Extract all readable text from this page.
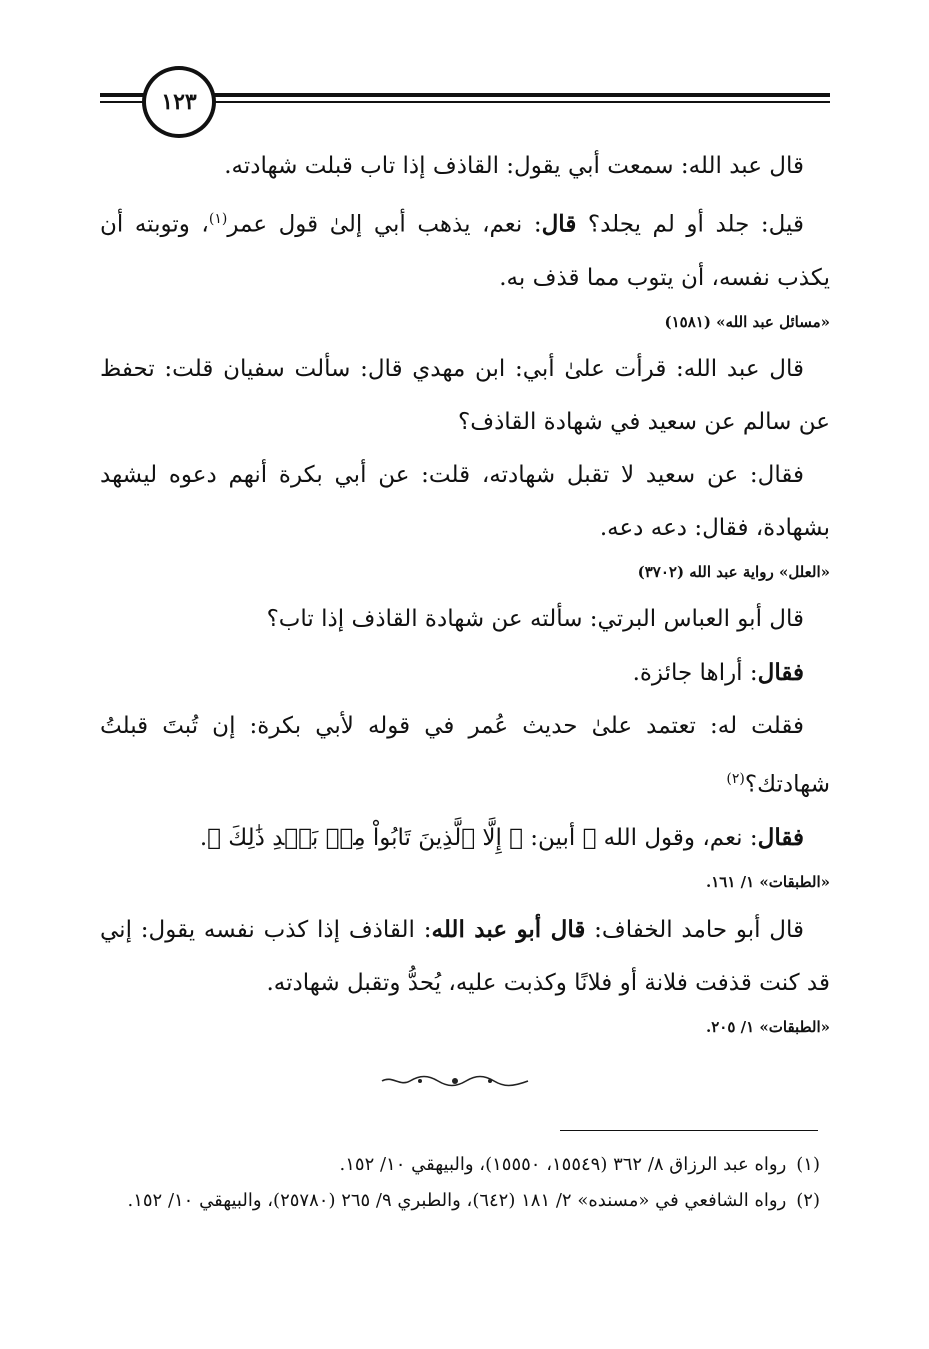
١٢٣

قال عبد الله: سمعت أبي يقول: القاذف إذا تاب قبلت شهادته.

قيل: جلد أو لم يجلد؟ قال: نعم، يذهب أبي إلىٰ قول عمر$^{(١)}$، وتوبته أن يكذب نفسه، أن يتوب مما قذف به.

«مسائل عبد الله» (١٥٨١)

قال عبد الله: قرأت علىٰ أبي: ابن مهدي قال: سألت سفيان قلت: تحفظ عن سالم عن سعيد في شهادة القاذف؟

فقال: عن سعيد لا تقبل شهادته، قلت: عن أبي بكرة أنهم دعوه ليشهد بشهادة، فقال: دعه دعه.

«العلل» رواية عبد الله (٣٧٠٢)

قال أبو العباس البرتي: سألته عن شهادة القاذف إذا تاب؟

فقال: أراها جائزة.

فقلت له: تعتمد علىٰ حديث عُمر في قوله لأبي بكرة: إن تُبتَ قبلتُ شهادتك؟$^{(٢)}$

فقال: نعم، وقول الله ﷻ أبين: ﴿ إِلَّا ٱلَّذِينَ تَابُواْ مِنۢ بَعۡدِ ذَٰلِكَ ﴾.

«الطبقات» ١/ ١٦١.

قال أبو حامد الخفاف: قال أبو عبد الله: القاذف إذا كذب نفسه يقول: إني قد كنت قذفت فلانة أو فلانًا وكذبت عليه، يُحدُّ وتقبل شهادته.

«الطبقات» ١/ ٢٠٥.

(١)
رواه عبد الرزاق ٨/ ٣٦٢ (١٥٥٤٩، ١٥٥٥٠)، والبيهقي ١٠/ ١٥٢.

(٢)
رواه الشافعي في «مسنده» ٢/ ١٨١ (٦٤٢)، والطبري ٩/ ٢٦٥ (٢٥٧٨٠)، والبيهقي ١٠/ ١٥٢.
